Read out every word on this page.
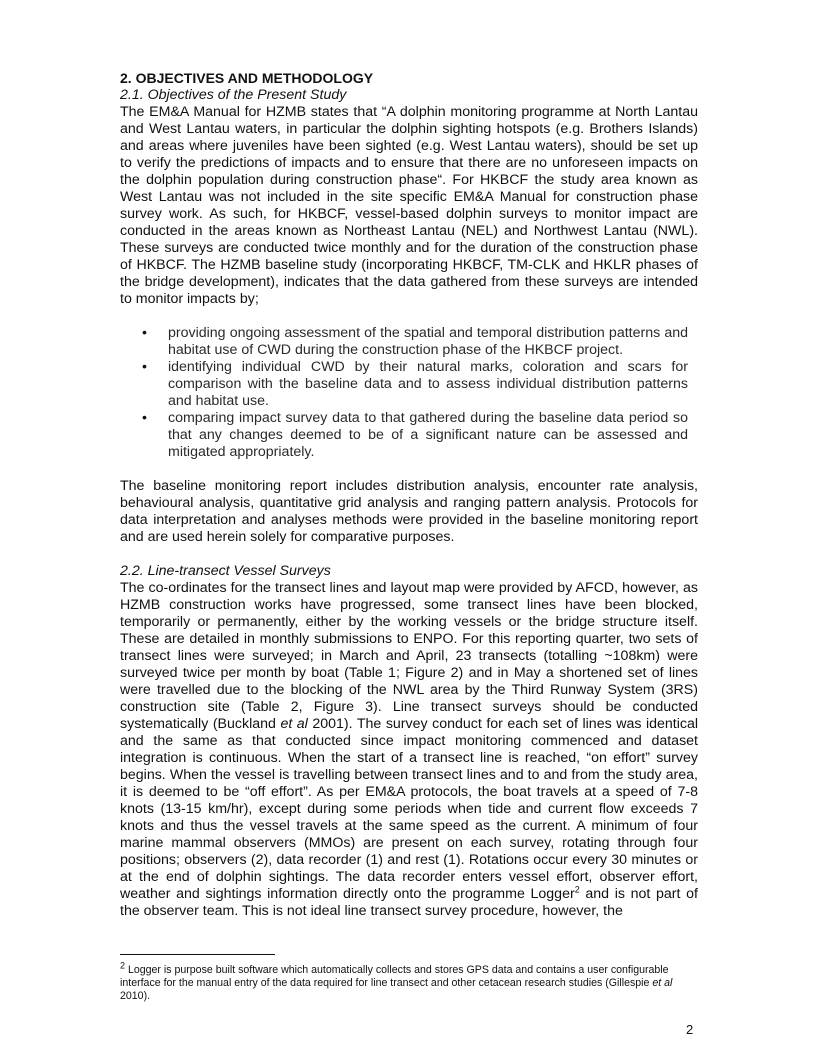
2. OBJECTIVES AND METHODOLOGY
2.1. Objectives of the Present Study

The EM&A Manual for HZMB states that “A dolphin monitoring programme at North Lantau and West Lantau waters, in particular the dolphin sighting hotspots (e.g. Brothers Islands) and areas where juveniles have been sighted (e.g. West Lantau waters), should be set up to verify the predictions of impacts and to ensure that there are no unforeseen impacts on the dolphin population during construction phase“. For HKBCF the study area known as West Lantau was not included in the site specific EM&A Manual for construction phase survey work. As such, for HKBCF, vessel-based dolphin surveys to monitor impact are conducted in the areas known as Northeast Lantau (NEL) and Northwest Lantau (NWL). These surveys are conducted twice monthly and for the duration of the construction phase of HKBCF. The HZMB baseline study (incorporating HKBCF, TM-CLK and HKLR phases of the bridge development), indicates that the data gathered from these surveys are intended to monitor impacts by;

• providing ongoing assessment of the spatial and temporal distribution patterns and habitat use of CWD during the construction phase of the HKBCF project.
• identifying individual CWD by their natural marks, coloration and scars for comparison with the baseline data and to assess individual distribution patterns and habitat use.
• comparing impact survey data to that gathered during the baseline data period so that any changes deemed to be of a significant nature can be assessed and mitigated appropriately.

The baseline monitoring report includes distribution analysis, encounter rate analysis, behavioural analysis, quantitative grid analysis and ranging pattern analysis. Protocols for data interpretation and analyses methods were provided in the baseline monitoring report and are used herein solely for comparative purposes.

2.2. Line-transect Vessel Surveys

The co-ordinates for the transect lines and layout map were provided by AFCD, however, as HZMB construction works have progressed, some transect lines have been blocked, temporarily or permanently, either by the working vessels or the bridge structure itself. These are detailed in monthly submissions to ENPO. For this reporting quarter, two sets of transect lines were surveyed; in March and April, 23 transects (totalling ~108km) were surveyed twice per month by boat (Table 1; Figure 2) and in May a shortened set of lines were travelled due to the blocking of the NWL area by the Third Runway System (3RS) construction site (Table 2, Figure 3). Line transect surveys should be conducted systematically (Buckland et al 2001). The survey conduct for each set of lines was identical and the same as that conducted since impact monitoring commenced and dataset integration is continuous. When the start of a transect line is reached, “on effort” survey begins. When the vessel is travelling between transect lines and to and from the study area, it is deemed to be “off effort”. As per EM&A protocols, the boat travels at a speed of 7-8 knots (13-15 km/hr), except during some periods when tide and current flow exceeds 7 knots and thus the vessel travels at the same speed as the current. A minimum of four marine mammal observers (MMOs) are present on each survey, rotating through four positions; observers (2), data recorder (1) and rest (1). Rotations occur every 30 minutes or at the end of dolphin sightings. The data recorder enters vessel effort, observer effort, weather and sightings information directly onto the programme Logger$^2$ and is not part of the observer team. This is not ideal line transect survey procedure, however, the

$^2$ Logger is purpose built software which automatically collects and stores GPS data and contains a user configurable interface for the manual entry of the data required for line transect and other cetacean research studies (Gillespie et al 2010).
2
